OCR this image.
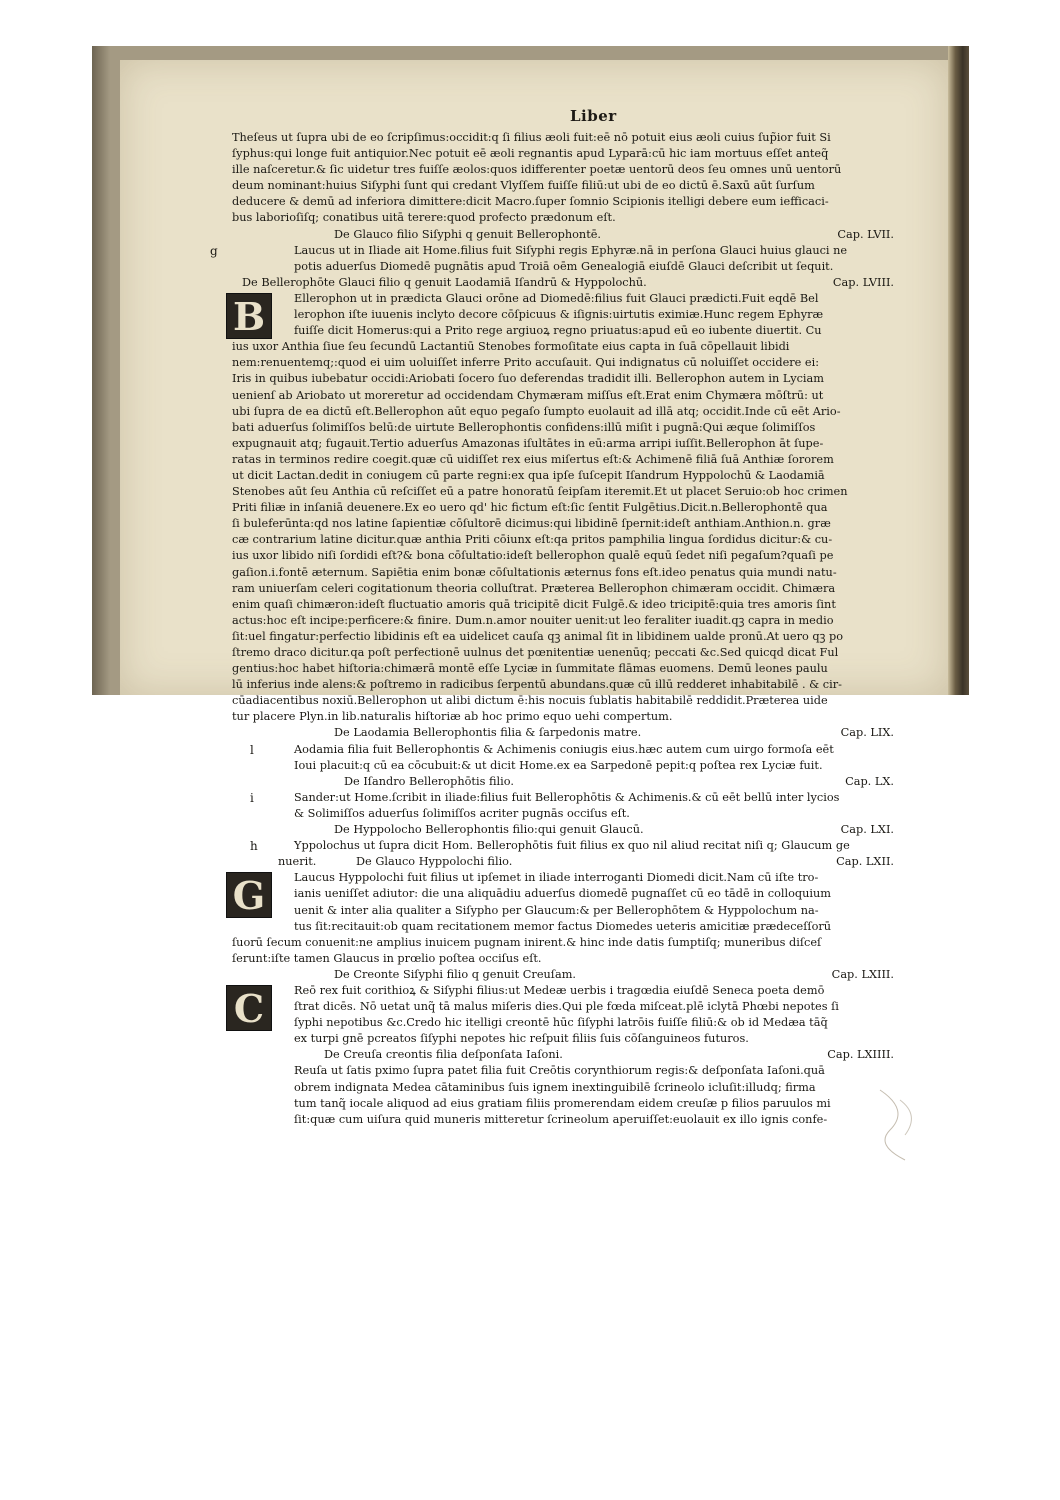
Liber
Theſeus ut ſupra ubi de eo ſcripſimus:occidit:q ſi filius æoli fuit:eē nō potuit eius æoli cuius ſup̃ior fuit Si
ſyphus:qui longe fuit antiquior.Nec potuit eē æoli regnantis apud Lyparā:cū hic iam mortuus eſſet anteq̃
ille naſceretur.& ſic uidetur tres fuiſſe æolos:quos idifferenter poetæ uentorū deos ſeu omnes unū uentorū
deum nominant:huius Siſyphi ſunt qui credant Vlyſſem fuiſſe filiū:ut ubi de eo dictū ē.Saxū aūt ſurſum
deducere & demū ad inferiora dimittere:dicit Macro.ſuper ſomnio Scipionis itelligi debere eum iefficaci-
bus laborioſiſq; conatibus uitā terere:quod profecto prædonum eſt.
De Glauco filio Siſyphi q genuit Bellerophontē.	Cap. LVII.
g	Laucus ut in Iliade ait Home.filius fuit Siſyphi regis Ephyræ.nā in perſona Glauci huius glauci ne
potis aduerſus Diomedē pugnātis apud Troiā oēm Genealogiā eiuſdē Glauci deſcribit ut ſequit.
De Bellerophōte Glauci filio q genuit Laodamiā Iſandrū & Hyppolochū.	Cap. LVIII.
B	Ellerophon ut in prædicta Glauci orōne ad Diomedē:filius fuit Glauci prædicti.Fuit eqdē Bel
lerophon iſte iuuenis inclyto decore cōſpicuus & iſignis:uirtutis eximiæ.Hunc regem Ephyræ
fuiſſe dicit Homerus:qui a Prito rege argiuoꝝ regno priuatus:apud eū eo iubente diuertit. Cu
ius uxor Anthia ſiue ſeu ſecundū Lactantiū Stenobes formoſitate eius capta in ſuā cōpellauit libidi
nem:renuentemq;:quod ei uim uoluiſſet inferre Prito accuſauit. Qui indignatus cū noluiſſet occidere ei:
Iris in quibus iubebatur occidi:Ariobati ſocero ſuo deferendas tradidit illi. Bellerophon autem in Lyciam
uenienſ ab Ariobato ut moreretur ad occidendam Chymæram miſſus eſt.Erat enim Chymæra mōſtrū: ut
ubi ſupra de ea dictū eſt.Bellerophon aūt equo pegaſo ſumpto euolauit ad illā atq; occidit.Inde cū eēt Ario-
bati aduerſus ſolimiſſos belū:de uirtute Bellerophontis confidens:illū miſit i pugnā:Qui æque ſolimiſſos
expugnauit atq; fugauit.Tertio aduerſus Amazonas iſultātes in eū:arma arripi iuſſit.Bellerophon āt ſupe-
ratas in terminos redire coegit.quæ cū uidiſſet rex eius miſertus eſt:& Achimenē filiā ſuā Anthiæ ſororem
ut dicit Lactan.dedit in coniugem cū parte regni:ex qua ipſe ſuſcepit Iſandrum Hyppolochū & Laodamiā
Stenobes aūt ſeu Anthia cū reſciſſet eū a patre honoratū ſeipſam iteremit.Et ut placet Seruio:ob hoc crimen
Priti filiæ in inſaniā deuenere.Ex eo uero qd' hic fictum eſt:ſic ſentit Fulgētius.Dicit.n.Bellerophontē qua
ſi buleferūnta:qd nos latine ſapientiæ cōſultorē dicimus:qui libidinē ſpernit:ideſt anthiam.Anthion.n. græ
cæ contrarium latine dicitur.quæ anthia Priti cōiunx eſt:qa pritos pamphilia lingua ſordidus dicitur:& cu-
ius uxor libido niſi ſordidi eſt?& bona cōſultatio:ideſt bellerophon qualē equū ſedet niſi pegaſum?quaſi pe
gaſion.i.fontē æternum. Sapiētia enim bonæ cōſultationis æternus fons eſt.ideo penatus quia mundi natu-
ram uniuerſam celeri cogitationum theoria colluſtrat. Præterea Bellerophon chimæram occidit. Chimæra
enim quaſi chimæron:ideſt fluctuatio amoris quā tricipitē dicit Fulgē.& ideo tricipitē:quia tres amoris ſint
actus:hoc eſt incipe:perficere:& finire. Dum.n.amor nouiter uenit:ut leo feraliter iuadit.qꝫ capra in medio
ſit:uel fingatur:perfectio libidinis eſt ea uidelicet cauſa qꝫ animal ſit in libidinem ualde pronū.At uero qꝫ po
ſtremo draco dicitur.qa poſt perfectionē uulnus det pœnitentiæ uenenūq; peccati &c.Sed quicqd dicat Ful
gentius:hoc habet hiſtoria:chimærā montē eſſe Lyciæ in ſummitate flāmas euomens. Demū leones paulu
lū inferius inde alens:& poſtremo in radicibus ſerpentū abundans.quæ cū illū redderet inhabitabilē . & cir-
cūadiacentibus noxiū.Bellerophon ut alibi dictum ē:his nocuis ſublatis habitabilē reddidit.Præterea uide
tur placere Plyn.in lib.naturalis hiſtoriæ ab hoc primo equo uehi compertum.
De Laodamia Bellerophontis filia & ſarpedonis matre.	Cap. LIX.
l	Aodamia filia fuit Bellerophontis & Achimenis coniugis eius.hæc autem cum uirgo formoſa eēt
Ioui placuit:q cū ea cōcubuit:& ut dicit Home.ex ea Sarpedonē pepit:q poſtea rex Lyciæ fuit.
De Iſandro Bellerophōtis filio.	Cap. LX.
i	Sander:ut Home.ſcribit in iliade:filius fuit Bellerophōtis & Achimenis.& cū eēt bellū inter lycios
& Solimiſſos aduerſus ſolimiſſos acriter pugnās occiſus eſt.
De Hyppolocho Bellerophontis filio:qui genuit Glaucū.	Cap. LXI.
h	Yppolochus ut ſupra dicit Hom. Bellerophōtis fuit filius ex quo nil aliud recitat niſi q; Glaucum ge
nuerit.	De Glauco Hyppolochi filio.	Cap. LXII.
G	Laucus Hyppolochi fuit filius ut ipſemet in iliade interroganti Diomedi dicit.Nam cū iſte tro-
ianis ueniſſet adiutor: die una aliquādiu aduerſus diomedē pugnaſſet cū eo tādē in colloquium
uenit & inter alia qualiter a Siſypho per Glaucum:& per Bellerophōtem & Hyppolochum na-
tus ſit:recitauit:ob quam recitationem memor factus Diomedes ueteris amicitiæ prædeceſſorū
ſuorū ſecum conuenit:ne amplius inuicem pugnam inirent.& hinc inde datis ſumptiſq; muneribus diſceſ
ſerunt:iſte tamen Glaucus in prœlio poſtea occiſus eſt.
De Creonte Siſyphi filio q genuit Creuſam.	Cap. LXIII.
C	Reō rex fuit corithioꝝ & Siſyphi filius:ut Medeæ uerbis i tragœdia eiuſdē Seneca poeta demō
ſtrat dicēs. Nō uetat unq̃ tā malus miſeris dies.Qui ple fœda miſceat.plē iclytā Phœbi nepotes ſi
ſyphi nepotibus &c.Credo hic itelligi creontē hūc ſiſyphi latrōis fuiſſe filiū:& ob id Medæa tāq̃
ex turpi gnē pcreatos ſiſyphi nepotes hic reſpuit filiis ſuis cōſanguineos futuros.
De Creuſa creontis filia deſponſata Iaſoni.	Cap. LXIIII.
Reuſa ut ſatis pximo ſupra patet filia fuit Creōtis corynthiorum regis:& deſponſata Iaſoni.quā
obrem indignata Medea cātaminibus ſuis ignem inextinguibilē ſcrineolo icluſit:illudq; firma
tum tanq̃ iocale aliquod ad eius gratiam filiis promerendam eidem creuſæ p filios paruulos mi
ſit:quæ cum uiſura quid muneris mitteretur ſcrineolum aperuiſſet:euolauit ex illo ignis confe-
